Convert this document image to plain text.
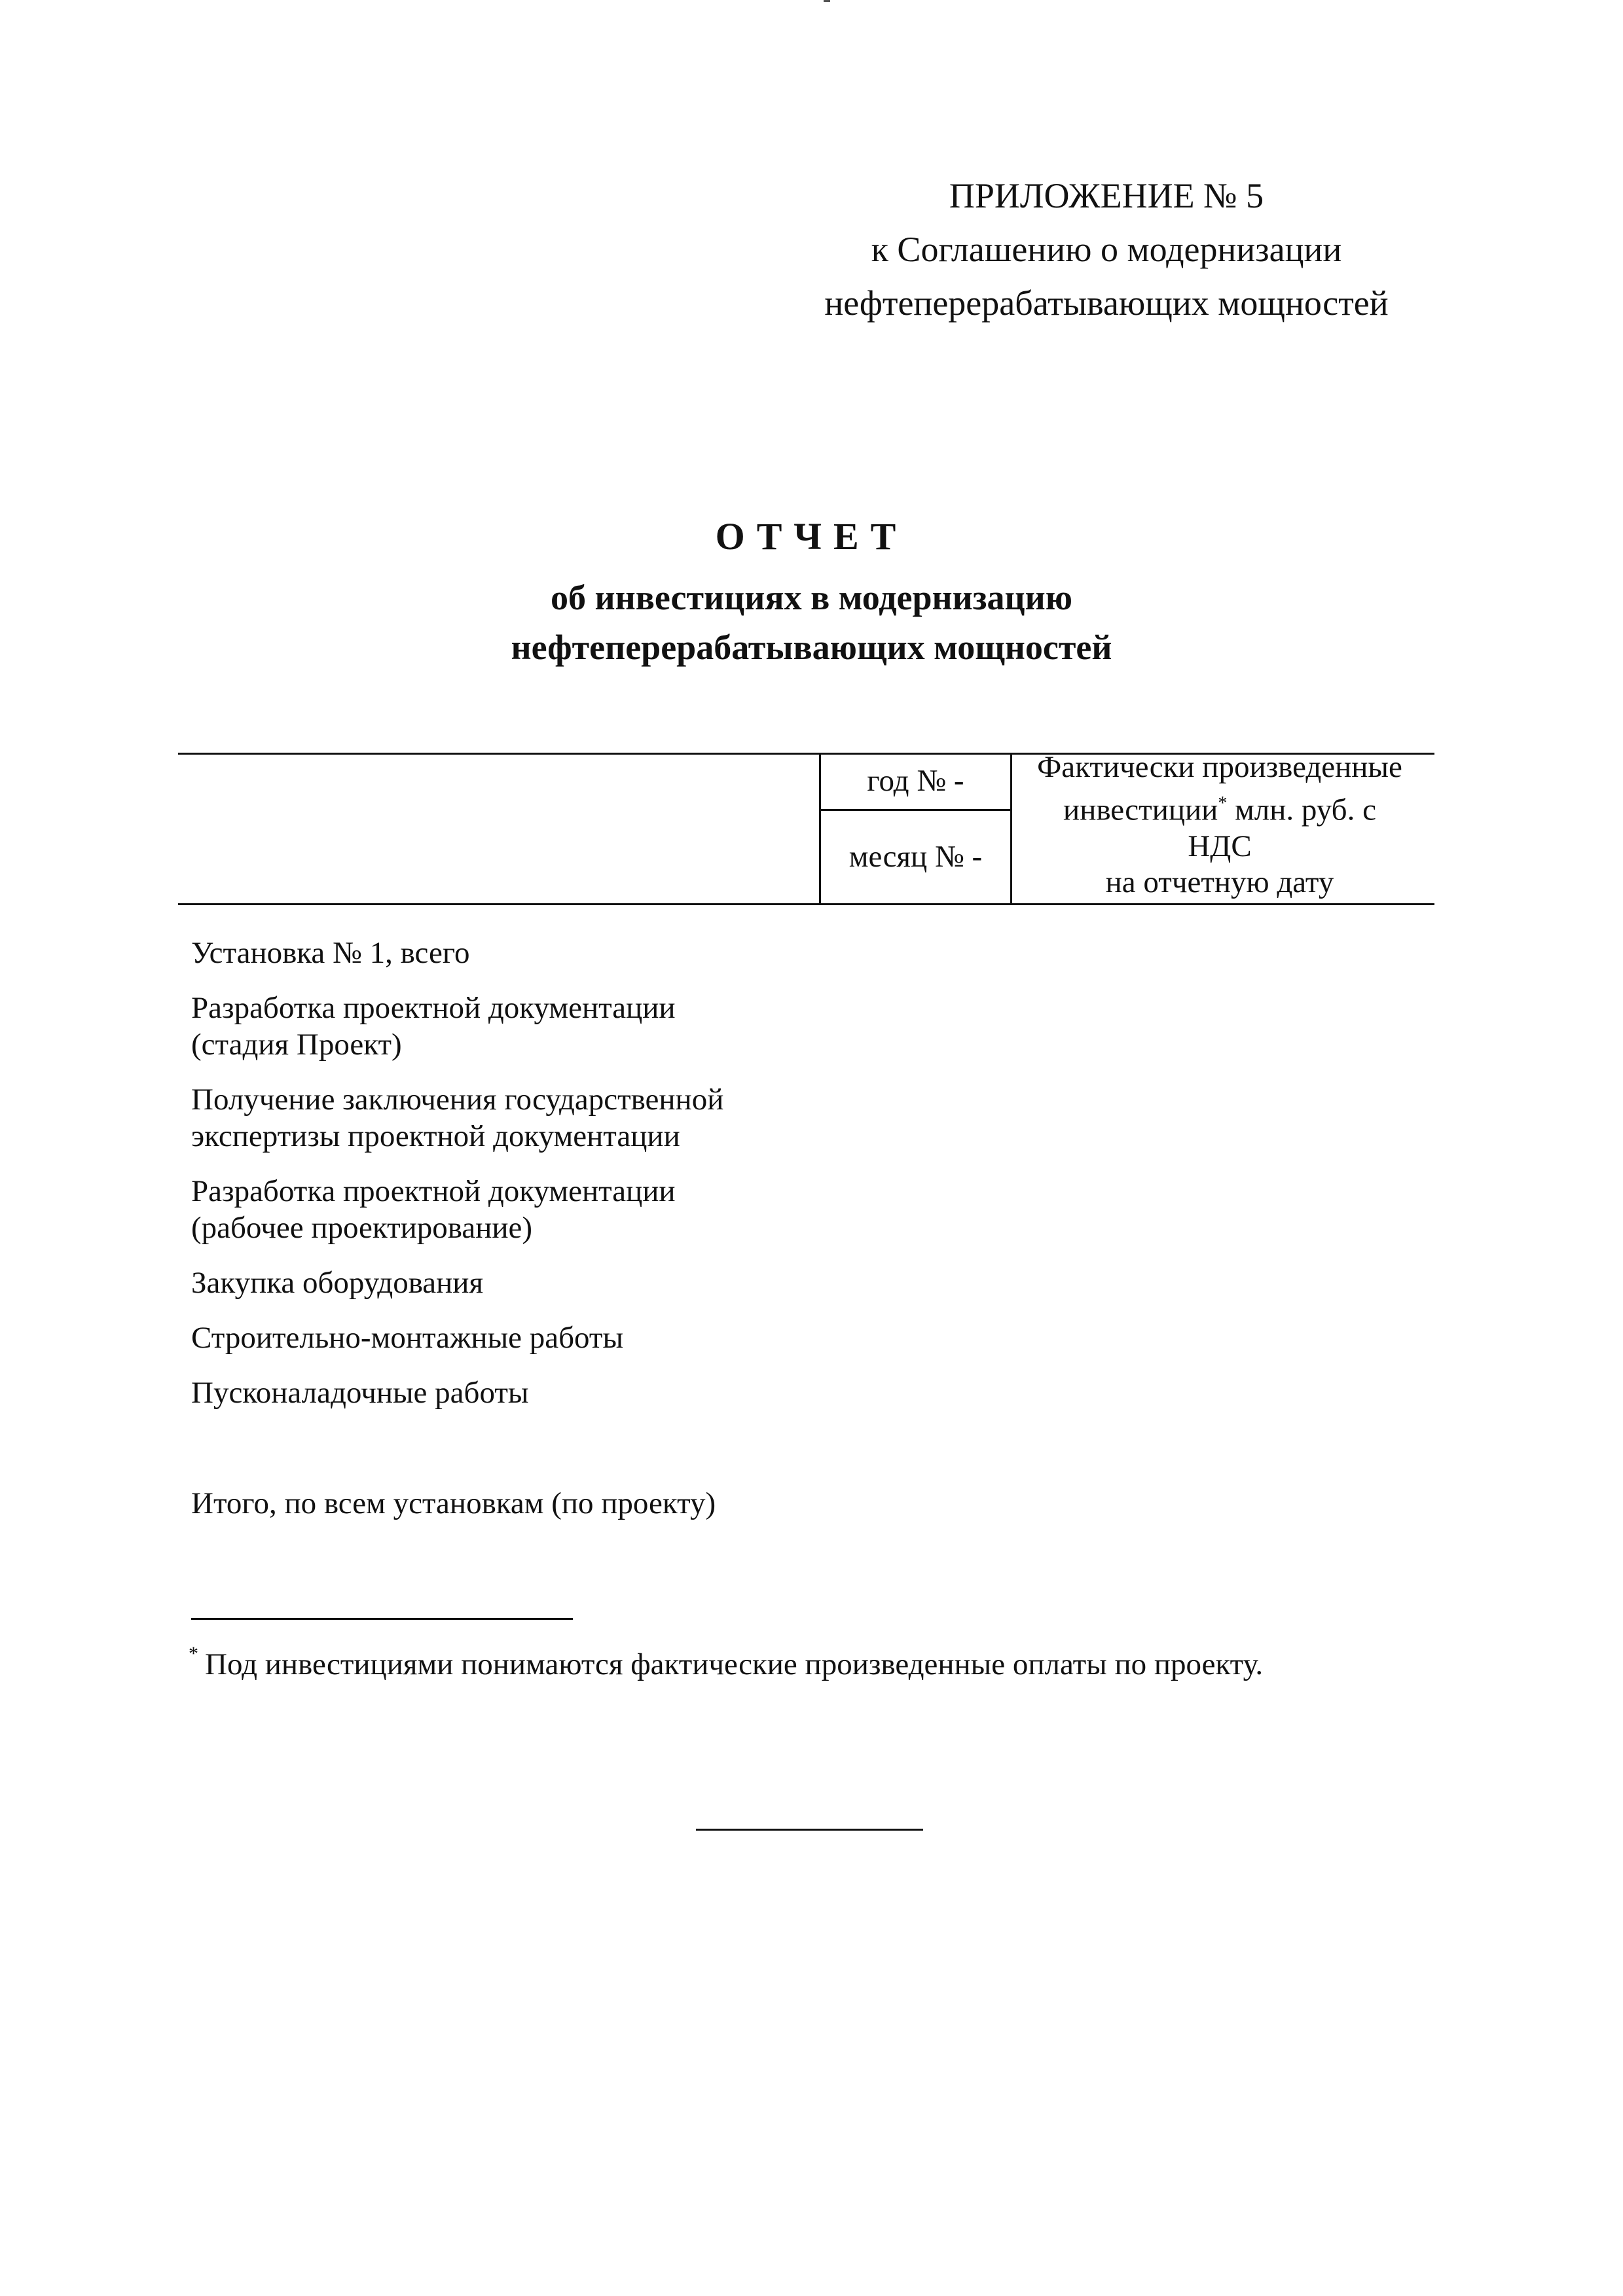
ПРИЛОЖЕНИЕ № 5
к Соглашению о модернизации
нефтеперерабатывающих мощностей
ОТЧЕТ
об инвестициях в модернизацию
нефтеперерабатывающих мощностей
год № -
месяц № -
Фактически произведенные
инвестиции* млн. руб. с
НДС
на отчетную дату
Установка № 1, всего
Разработка проектной документации
(стадия Проект)
Получение заключения государственной
экспертизы проектной документации
Разработка проектной документации
(рабочее проектирование)
Закупка оборудования
Строительно-монтажные работы
Пусконаладочные работы
Итого, по всем установкам (по проекту)
* Под инвестициями понимаются фактические произведенные оплаты по проекту.
